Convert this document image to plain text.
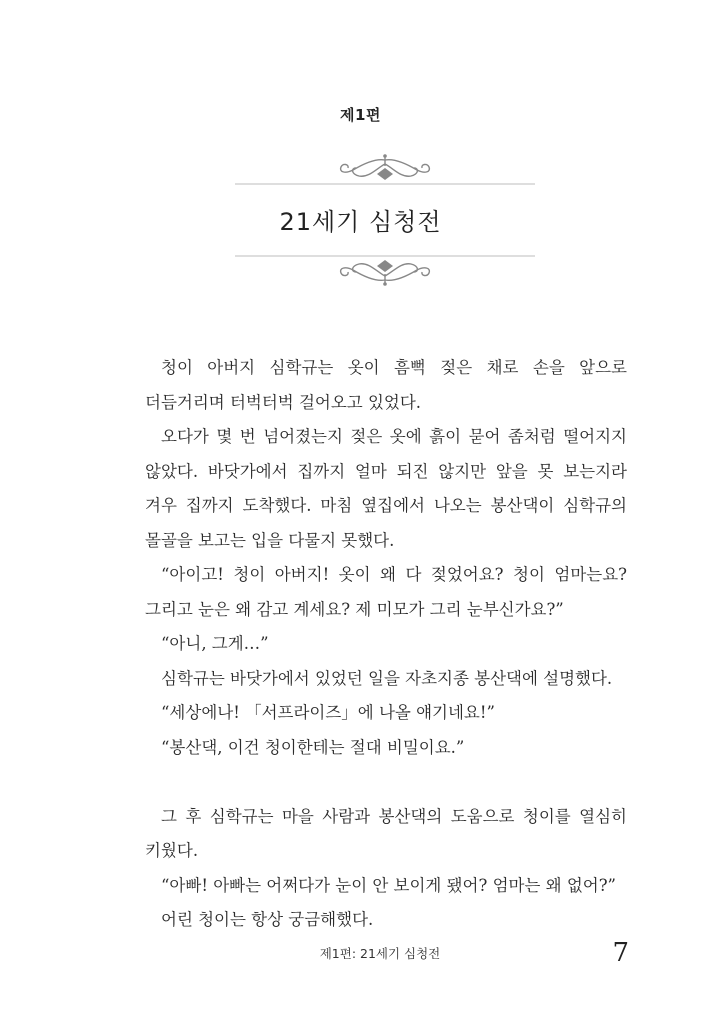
제1편
21세기 심청전

청이 아버지 심학규는 옷이 흠뻑 젖은 채로 손을 앞으로 더듬거리며 터벅터벅 걸어오고 있었다.

오다가 몇 번 넘어졌는지 젖은 옷에 흙이 묻어 좀처럼 떨어지지 않았다. 바닷가에서 집까지 얼마 되진 않지만 앞을 못 보는지라 겨우 집까지 도착했다. 마침 옆집에서 나오는 봉산댁이 심학규의 몰골을 보고는 입을 다물지 못했다.

“아이고! 청이 아버지! 옷이 왜 다 젖었어요? 청이 엄마는요? 그리고 눈은 왜 감고 계세요? 제 미모가 그리 눈부신가요?”

“아니, 그게…”

심학규는 바닷가에서 있었던 일을 자초지종 봉산댁에 설명했다.

“세상에나! 「서프라이즈」에 나올 얘기네요!”

“봉산댁, 이건 청이한테는 절대 비밀이요.”

그 후 심학규는 마을 사람과 봉산댁의 도움으로 청이를 열심히 키웠다.

“아빠! 아빠는 어쩌다가 눈이 안 보이게 됐어? 엄마는 왜 없어?”

어린 청이는 항상 궁금해했다.

제1편: 21세기 심청전	7
